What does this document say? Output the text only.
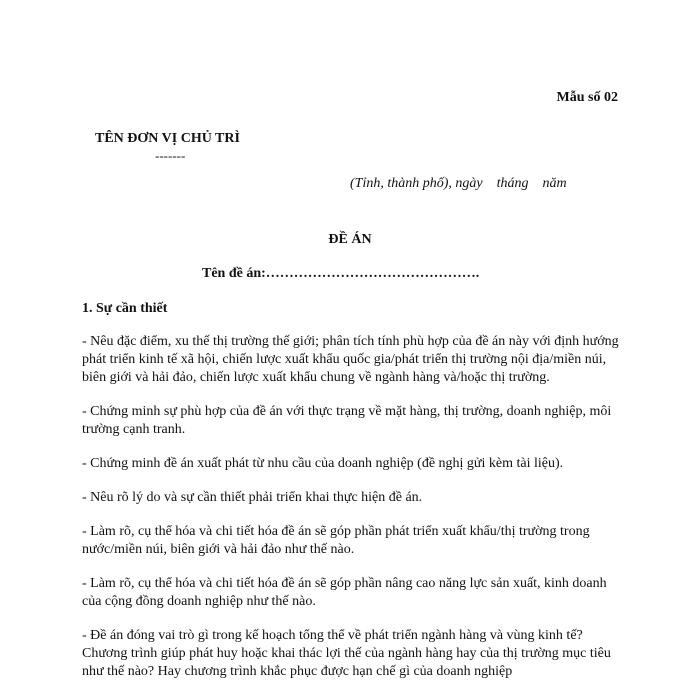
Mẫu số 02
TÊN ĐƠN VỊ CHỦ TRÌ
-------
(Tỉnh, thành phố), ngày    tháng    năm
ĐỀ ÁN
Tên đề án:……………………………………….
1. Sự cần thiết

- Nêu đặc điểm, xu thế thị trường thế giới; phân tích tính phù hợp của đề án này với định hướng phát triển kinh tế xã hội, chiến lược xuất khẩu quốc gia/phát triển thị trường nội địa/miền núi, biên giới và hải đảo, chiến lược xuất khẩu chung về ngành hàng và/hoặc thị trường.

- Chứng minh sự phù hợp của đề án với thực trạng về mặt hàng, thị trường, doanh nghiệp, môi trường cạnh tranh.

- Chứng minh đề án xuất phát từ nhu cầu của doanh nghiệp (đề nghị gửi kèm tài liệu).

- Nêu rõ lý do và sự cần thiết phải triển khai thực hiện đề án.

- Làm rõ, cụ thể hóa và chi tiết hóa đề án sẽ góp phần phát triển xuất khẩu/thị trường trong nước/miền núi, biên giới và hải đảo như thế nào.

- Làm rõ, cụ thể hóa và chi tiết hóa đề án sẽ góp phần nâng cao năng lực sản xuất, kinh doanh của cộng đồng doanh nghiệp như thế nào.

- Đề án đóng vai trò gì trong kế hoạch tổng thể về phát triển ngành hàng và vùng kinh tế? Chương trình giúp phát huy hoặc khai thác lợi thế của ngành hàng hay của thị trường mục tiêu như thế nào? Hay chương trình khắc phục được hạn chế gì của doanh nghiệp
